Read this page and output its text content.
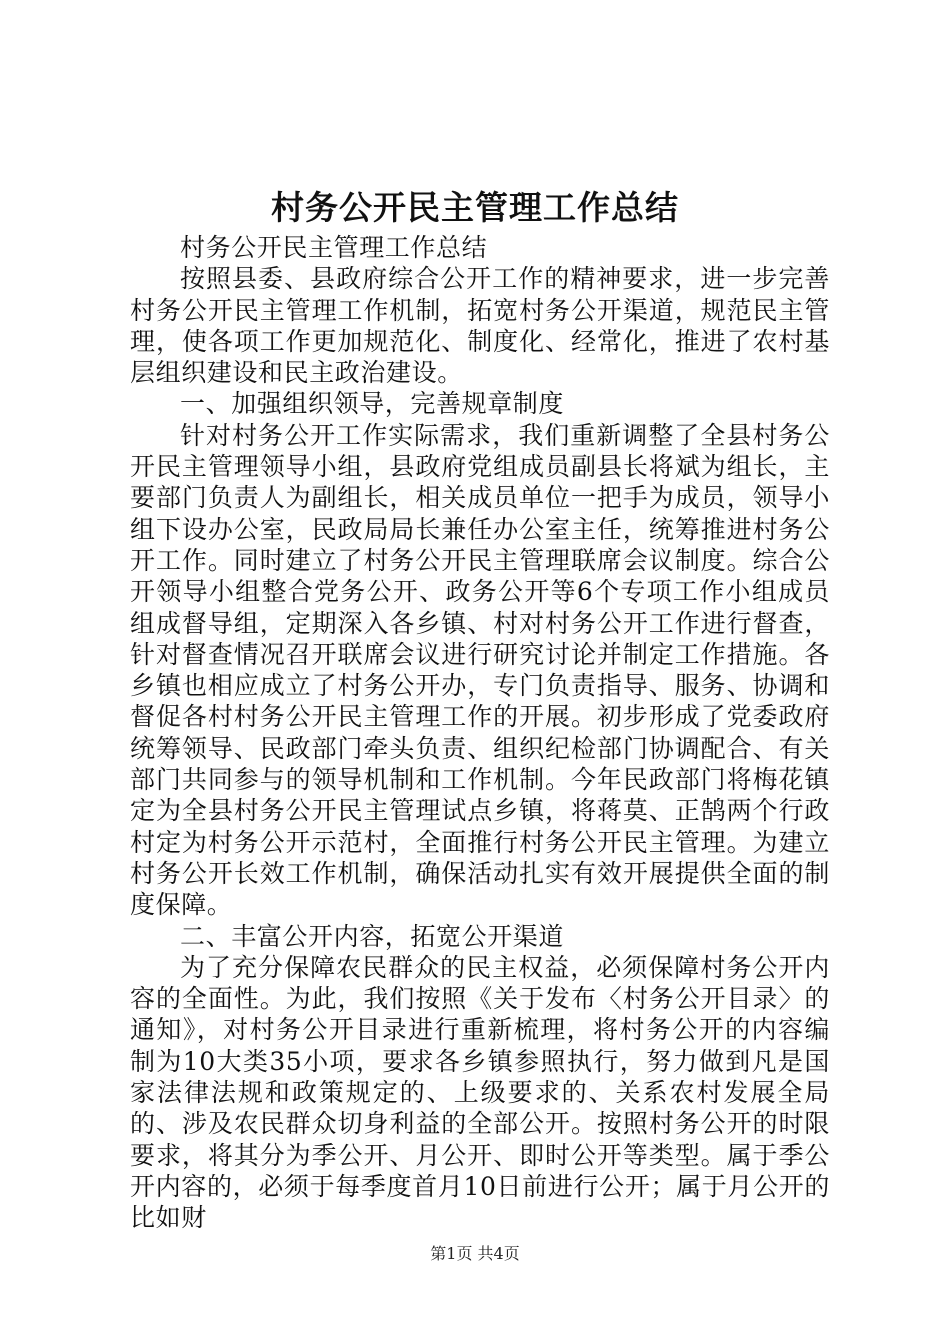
村务公开民主管理工作总结

村务公开民主管理工作总结

按照县委、县政府综合公开工作的精神要求，进一步完善村务公开民主管理工作机制，拓宽村务公开渠道，规范民主管理，使各项工作更加规范化、制度化、经常化，推进了农村基层组织建设和民主政治建设。

一、加强组织领导，完善规章制度

针对村务公开工作实际需求，我们重新调整了全县村务公开民主管理领导小组，县政府党组成员副县长将斌为组长，主要部门负责人为副组长，相关成员单位一把手为成员，领导小组下设办公室，民政局局长兼任办公室主任，统筹推进村务公开工作。同时建立了村务公开民主管理联席会议制度。综合公开领导小组整合党务公开、政务公开等6个专项工作小组成员组成督导组，定期深入各乡镇、村对村务公开工作进行督查，针对督查情况召开联席会议进行研究讨论并制定工作措施。各乡镇也相应成立了村务公开办，专门负责指导、服务、协调和督促各村村务公开民主管理工作的开展。初步形成了党委政府统筹领导、民政部门牵头负责、组织纪检部门协调配合、有关部门共同参与的领导机制和工作机制。今年民政部门将梅花镇定为全县村务公开民主管理试点乡镇，将蒋莫、正鹄两个行政村定为村务公开示范村，全面推行村务公开民主管理。为建立村务公开长效工作机制，确保活动扎实有效开展提供全面的制度保障。

二、丰富公开内容，拓宽公开渠道

为了充分保障农民群众的民主权益，必须保障村务公开内容的全面性。为此，我们按照《关于发布〈村务公开目录〉的通知》，对村务公开目录进行重新梳理，将村务公开的内容编制为10大类35小项，要求各乡镇参照执行，努力做到凡是国家法律法规和政策规定的、上级要求的、关系农村发展全局的、涉及农民群众切身利益的全部公开。按照村务公开的时限要求，将其分为季公开、月公开、即时公开等类型。属于季公开内容的，必须于每季度首月10日前进行公开；属于月公开的比如财

第1页 共4页
